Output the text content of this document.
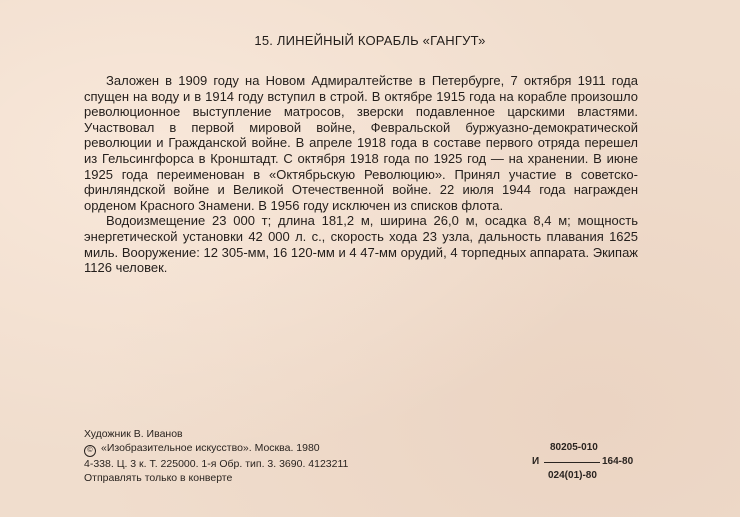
15. ЛИНЕЙНЫЙ КОРАБЛЬ «ГАНГУТ»

Заложен в 1909 году на Новом Адмиралтействе в Петербурге, 7 октября 1911 года спущен на воду и в 1914 году вступил в строй. В октябре 1915 года на корабле произошло революционное выступление матросов, зверски подавленное царскими властями. Участвовал в первой мировой войне, Февральской буржуазно-демократической революции и Гражданской войне. В апреле 1918 года в составе первого отряда перешел из Гельсингфорса в Кронштадт. С октября 1918 года по 1925 год — на хранении. В июне 1925 года переименован в «Октябрьскую Революцию». Принял участие в советско-финляндской войне и Великой Отечественной войне. 22 июля 1944 года награжден орденом Красного Знамени. В 1956 году исключен из списков флота.

Водоизмещение 23 000 т; длина 181,2 м, ширина 26,0 м, осадка 8,4 м; мощность энергетической установки 42 000 л. с., скорость хода 23 узла, дальность плавания 1625 миль. Вооружение: 12 305-мм, 16 120-мм и 4 47-мм орудий, 4 торпедных аппарата. Экипаж 1126 человек.

Художник В. Иванов
© «Изобразительное искусство». Москва. 1980
4-338. Ц. 3 к. Т. 225000. 1-я Обр. тип. 3. 3690. 4123211
Отправлять только в конверте
80205-010
И	164-80
024(01)-80
